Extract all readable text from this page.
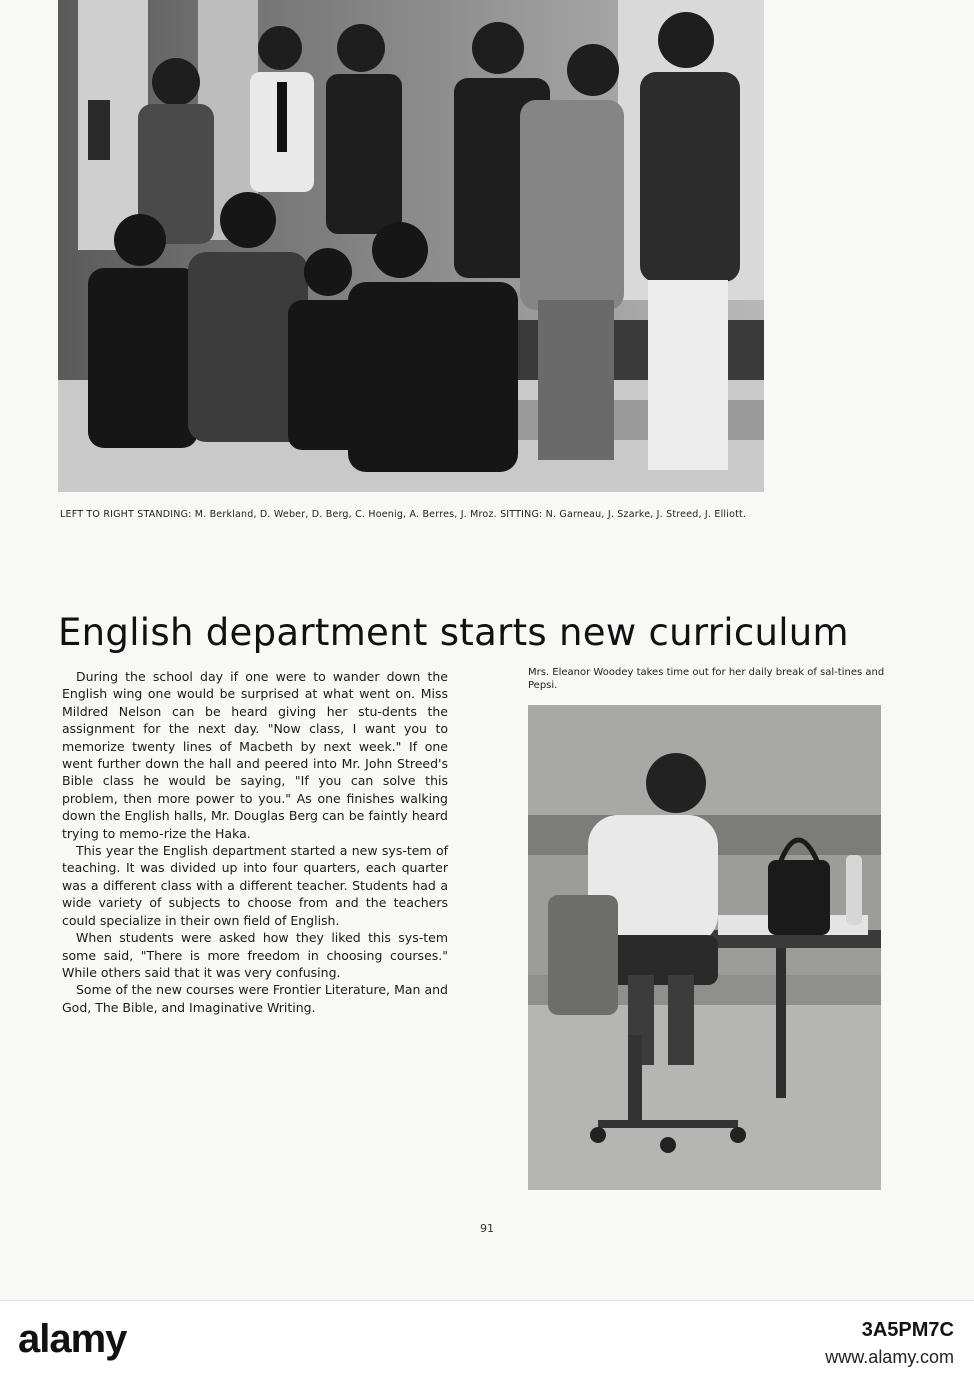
LEFT TO RIGHT STANDING: M. Berkland, D. Weber, D. Berg, C. Hoenig, A. Berres, J. Mroz. SITTING: N. Garneau, J. Szarke, J. Streed, J. Elliott.
English department starts new curriculum

During the school day if one were to wander down the English wing one would be surprised at what went on. Miss Mildred Nelson can be heard giving her stu-dents the assignment for the next day. "Now class, I want you to memorize twenty lines of Macbeth by next week." If one went further down the hall and peered into Mr. John Streed's Bible class he would be saying, "If you can solve this problem, then more power to you." As one finishes walking down the English halls, Mr. Douglas Berg can be faintly heard trying to memo-rize the Haka.

This year the English department started a new sys-tem of teaching. It was divided up into four quarters, each quarter was a different class with a different teacher. Students had a wide variety of subjects to choose from and the teachers could specialize in their own field of English.

When students were asked how they liked this sys-tem some said, "There is more freedom in choosing courses." While others said that it was very confusing.

Some of the new courses were Frontier Literature, Man and God, The Bible, and Imaginative Writing.

Mrs. Eleanor Woodey takes time out for her daily break of sal-tines and Pepsi.
91
alamy	3A5PM7C
www.alamy.com
